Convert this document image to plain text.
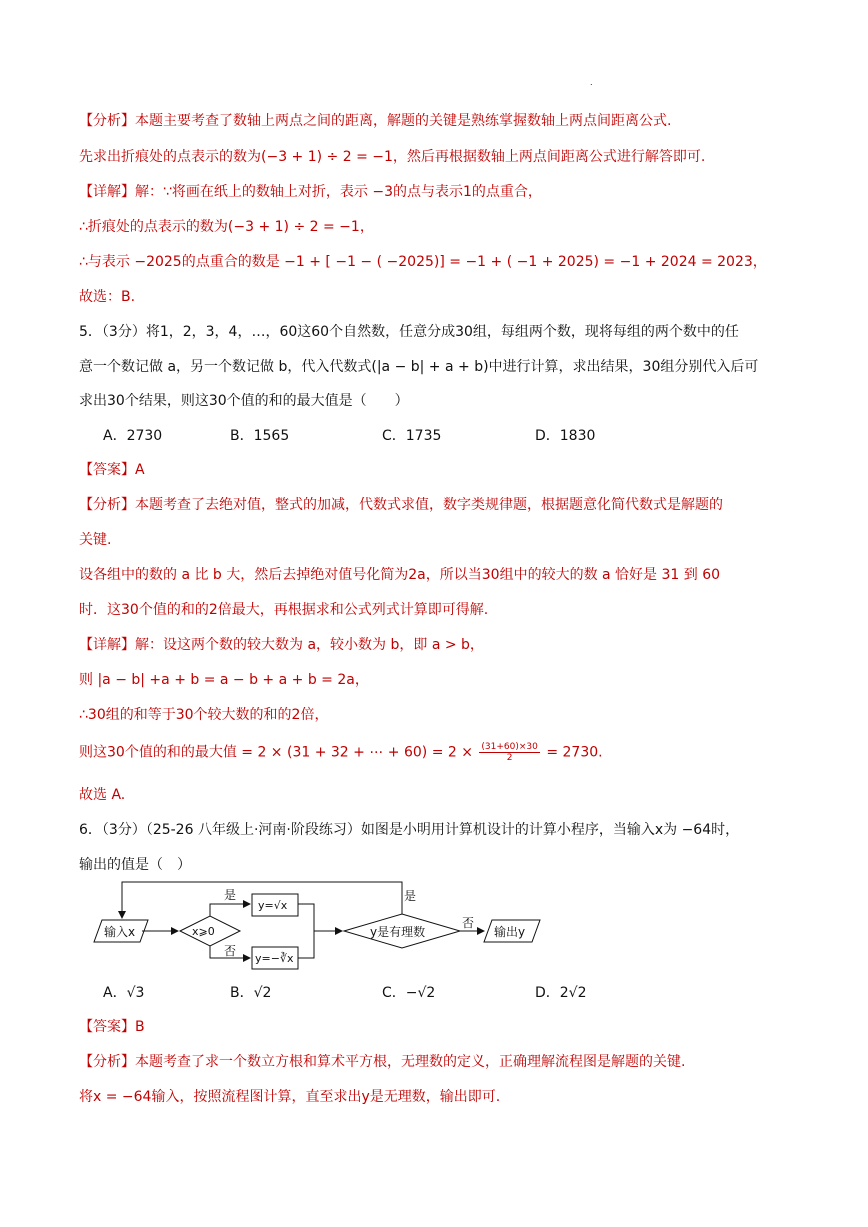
.
【分析】本题主要考查了数轴上两点之间的距离，解题的关键是熟练掌握数轴上两点间距离公式.
先求出折痕处的点表示的数为(−3 + 1) ÷ 2 = −1，然后再根据数轴上两点间距离公式进行解答即可.
【详解】解：∵将画在纸上的数轴上对折，表示 −3的点与表示1的点重合，
∴折痕处的点表示的数为(−3 + 1) ÷ 2 = −1，
∴与表示 −2025的点重合的数是 −1 + [ −1 − ( −2025)] = −1 + ( −1 + 2025) = −1 + 2024 = 2023，
故选：B.
5．（3分）将1，2，3，4，…，60这60个自然数，任意分成30组，每组两个数，现将每组的两个数中的任
意一个数记做 a，另一个数记做 b，代入代数式(|a − b| + a + b)中进行计算，求出结果，30组分别代入后可
求出30个结果，则这30个值的和的最大值是（　　）
A．2730	B．1565	C．1735	D．1830
【答案】A
【分析】本题考查了去绝对值，整式的加减，代数式求值，数字类规律题，根据题意化简代数式是解题的
关键.
设各组中的数的 a 比 b 大，然后去掉绝对值号化简为2a，所以当30组中的较大的数 a 恰好是 31 到 60
时．这30个值的和的2倍最大，再根据求和公式列式计算即可得解.
【详解】解：设这两个数的较大数为 a，较小数为 b，即 a > b，
则 |a − b| +a + b = a − b + a + b = 2a，
∴30组的和等于30个较大数的和的2倍，
则这30个值的和的最大值 = 2 × (31 + 32 + ⋯ + $60) = 2 \times \frac{(31+60)\times 30}{2} = 2730$.
故选 A.
6．（3分）（25-26 八年级上·河南·阶段练习）如图是小明用计算机设计的计算小程序，当输入x为 −64时，
输出的值是（　）
输入x	x⩾0
是
否
y=√x
y=−∛x
y是有理数
是
否
输出y
A．√3	B．√2	C．−√2	D．2√2
【答案】B
【分析】本题考查了求一个数立方根和算术平方根，无理数的定义，正确理解流程图是解题的关键.
将x = −64输入，按照流程图计算，直至求出y是无理数，输出即可.
